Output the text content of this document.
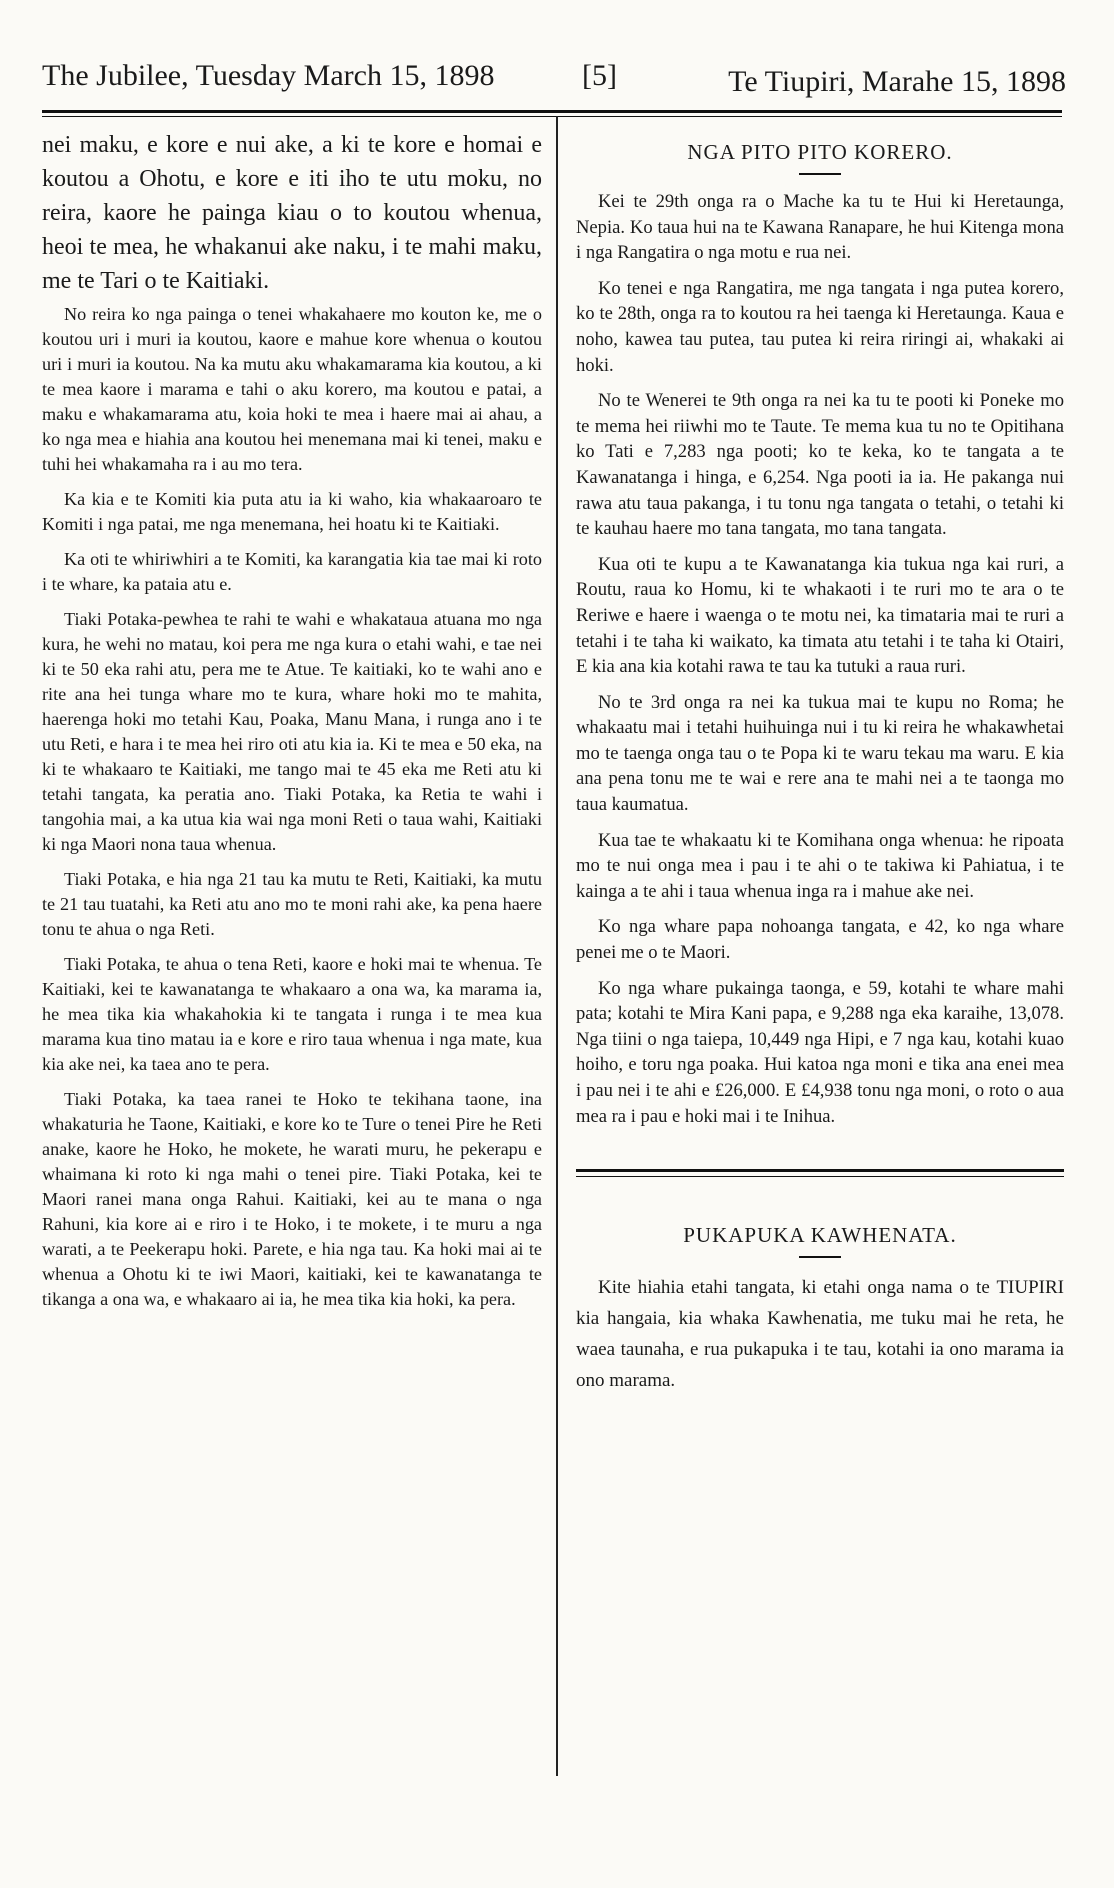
The Jubilee, Tuesday March 15, 1898	[5]	Te Tiupiri, Marahe 15, 1898

nei maku, e kore e nui ake, a ki te kore e homai e koutou a Ohotu, e kore e iti iho te utu moku, no reira, kaore he painga kiau o to koutou whenua, heoi te mea, he whakanui ake naku, i te mahi maku, me te Tari o te Kaitiaki.

No reira ko nga painga o tenei whakahaere mo kouton ke, me o koutou uri i muri ia koutou, kaore e mahue kore whenua o koutou uri i muri ia koutou. Na ka mutu aku whakamarama kia koutou, a ki te mea kaore i marama e tahi o aku korero, ma koutou e patai, a maku e whakamarama atu, koia hoki te mea i haere mai ai ahau, a ko nga mea e hiahia ana koutou hei menemana mai ki tenei, maku e tuhi hei whakamaha ra i au mo tera.

Ka kia e te Komiti kia puta atu ia ki waho, kia whakaaroaro te Komiti i nga patai, me nga menemana, hei hoatu ki te Kaitiaki.

Ka oti te whiriwhiri a te Komiti, ka karangatia kia tae mai ki roto i te whare, ka pataia atu e.

Tiaki Potaka-pewhea te rahi te wahi e whakataua atuana mo nga kura, he wehi no matau, koi pera me nga kura o etahi wahi, e tae nei ki te 50 eka rahi atu, pera me te Atue. Te kaitiaki, ko te wahi ano e rite ana hei tunga whare mo te kura, whare hoki mo te mahita, haerenga hoki mo tetahi Kau, Poaka, Manu Mana, i runga ano i te utu Reti, e hara i te mea hei riro oti atu kia ia. Ki te mea e 50 eka, na ki te whakaaro te Kaitiaki, me tango mai te 45 eka me Reti atu ki tetahi tangata, ka peratia ano. Tiaki Potaka, ka Retia te wahi i tangohia mai, a ka utua kia wai nga moni Reti o taua wahi, Kaitiaki ki nga Maori nona taua whenua.

Tiaki Potaka, e hia nga 21 tau ka mutu te Reti, Kaitiaki, ka mutu te 21 tau tuatahi, ka Reti atu ano mo te moni rahi ake, ka pena haere tonu te ahua o nga Reti.

Tiaki Potaka, te ahua o tena Reti, kaore e hoki mai te whenua. Te Kaitiaki, kei te kawanatanga te whakaaro a ona wa, ka marama ia, he mea tika kia whakahokia ki te tangata i runga i te mea kua marama kua tino matau ia e kore e riro taua whenua i nga mate, kua kia ake nei, ka taea ano te pera.

Tiaki Potaka, ka taea ranei te Hoko te tekihana taone, ina whakaturia he Taone, Kaitiaki, e kore ko te Ture o tenei Pire he Reti anake, kaore he Hoko, he mokete, he warati muru, he pekerapu e whaimana ki roto ki nga mahi o tenei pire. Tiaki Potaka, kei te Maori ranei mana onga Rahui. Kaitiaki, kei au te mana o nga Rahuni, kia kore ai e riro i te Hoko, i te mokete, i te muru a nga warati, a te Peekerapu hoki. Parete, e hia nga tau. Ka hoki mai ai te whenua a Ohotu ki te iwi Maori, kaitiaki, kei te kawanatanga te tikanga a ona wa, e whakaaro ai ia, he mea tika kia hoki, ka pera.

NGA PITO PITO KORERO.

Kei te 29th onga ra o Mache ka tu te Hui ki Heretaunga, Nepia. Ko taua hui na te Kawana Ranapare, he hui Kitenga mona i nga Rangatira o nga motu e rua nei.

Ko tenei e nga Rangatira, me nga tangata i nga putea korero, ko te 28th, onga ra to koutou ra hei taenga ki Heretaunga. Kaua e noho, kawea tau putea, tau putea ki reira riringi ai, whakaki ai hoki.

No te Wenerei te 9th onga ra nei ka tu te pooti ki Poneke mo te mema hei riiwhi mo te Taute. Te mema kua tu no te Opitihana ko Tati e 7,283 nga pooti; ko te keka, ko te tangata a te Kawanatanga i hinga, e 6,254. Nga pooti ia ia. He pakanga nui rawa atu taua pakanga, i tu tonu nga tangata o tetahi, o tetahi ki te kauhau haere mo tana tangata, mo tana tangata.

Kua oti te kupu a te Kawanatanga kia tukua nga kai ruri, a Routu, raua ko Homu, ki te whakaoti i te ruri mo te ara o te Reriwe e haere i waenga o te motu nei, ka timataria mai te ruri a tetahi i te taha ki waikato, ka timata atu tetahi i te taha ki Otairi, E kia ana kia kotahi rawa te tau ka tutuki a raua ruri.

No te 3rd onga ra nei ka tukua mai te kupu no Roma; he whakaatu mai i tetahi huihuinga nui i tu ki reira he whakawhetai mo te taenga onga tau o te Popa ki te waru tekau ma waru. E kia ana pena tonu me te wai e rere ana te mahi nei a te taonga mo taua kaumatua.

Kua tae te whakaatu ki te Komihana onga whenua: he ripoata mo te nui onga mea i pau i te ahi o te takiwa ki Pahiatua, i te kainga a te ahi i taua whenua inga ra i mahue ake nei.

Ko nga whare papa nohoanga tangata, e 42, ko nga whare penei me o te Maori.

Ko nga whare pukainga taonga, e 59, kotahi te whare mahi pata; kotahi te Mira Kani papa, e 9,288 nga eka karaihe, 13,078. Nga tiini o nga taiepa, 10,449 nga Hipi, e 7 nga kau, kotahi kuao hoiho, e toru nga poaka. Hui katoa nga moni e tika ana enei mea i pau nei i te ahi e £26,000. E £4,938 tonu nga moni, o roto o aua mea ra i pau e hoki mai i te Inihua.

PUKAPUKA KAWHENATA.

Kite hiahia etahi tangata, ki etahi onga nama o te TIUPIRI kia hangaia, kia whaka Kawhenatia, me tuku mai he reta, he waea taunaha, e rua pukapuka i te tau, kotahi ia ono marama ia ono marama.
